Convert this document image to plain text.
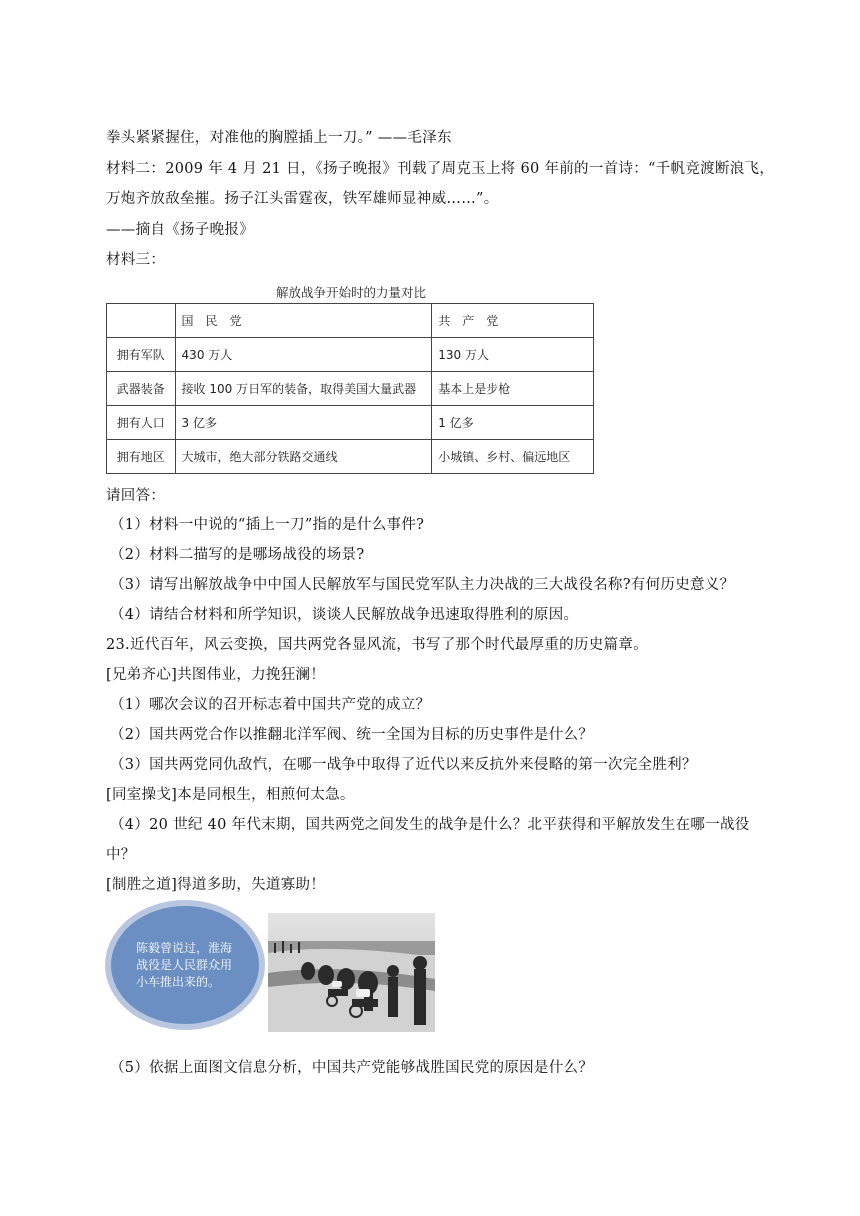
拳头紧紧握住，对准他的胸膛插上一刀。” ——毛泽东
材料二：2009 年 4 月 21 日，《扬子晚报》刊载了周克玉上将 60 年前的一首诗：“千帆竞渡断浪飞，
万炮齐放敌垒摧。扬子江头雷霆夜，铁军雄师显神威……”。
——摘自《扬子晚报》
材料三：
解放战争开始时的力量对比
	国　民　党	共　产　党
拥有军队	430 万人	130 万人
武器装备	接收 100 万日军的装备，取得美国大量武器	基本上是步枪
拥有人口	3 亿多	1 亿多
拥有地区	大城市，绝大部分铁路交通线	小城镇、乡村、偏远地区
请回答：
（1）材料一中说的“插上一刀”指的是什么事件?
（2）材料二描写的是哪场战役的场景?
（3）请写出解放战争中中国人民解放军与国民党军队主力决战的三大战役名称?有何历史意义？
（4）请结合材料和所学知识，谈谈人民解放战争迅速取得胜利的原因。
23.近代百年，风云变换，国共两党各显风流，书写了那个时代最厚重的历史篇章。
[兄弟齐心]共图伟业，力挽狂澜！
（1）哪次会议的召开标志着中国共产党的成立？
（2）国共两党合作以推翻北洋军阀、统一全国为目标的历史事件是什么？
（3）国共两党同仇敌忾，在哪一战争中取得了近代以来反抗外来侵略的第一次完全胜利？
[同室操戈]本是同根生，相煎何太急。
（4）20 世纪 40 年代末期，国共两党之间发生的战争是什么？北平获得和平解放发生在哪一战役
中？
[制胜之道]得道多助，失道寡助！
陈毅曾说过，淮海战役是人民群众用小车推出来的。
（5）依据上面图文信息分析，中国共产党能够战胜国民党的原因是什么？
